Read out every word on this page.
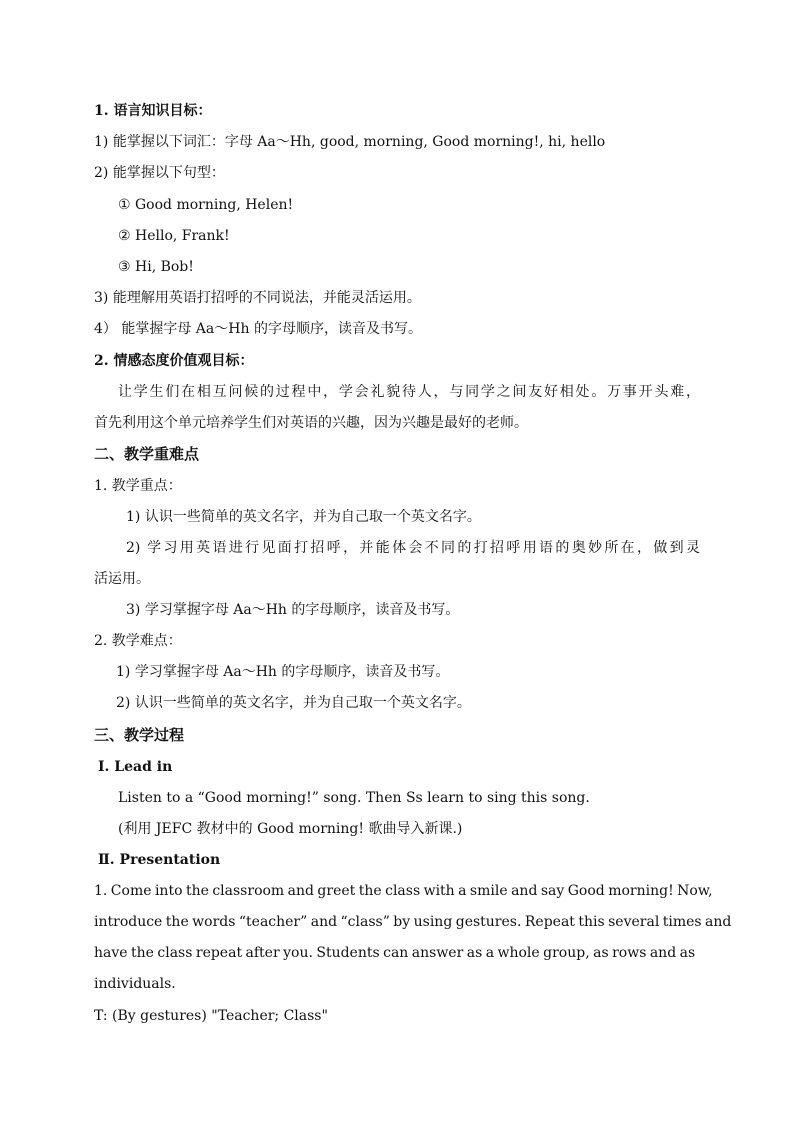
1. 语言知识目标：
1) 能掌握以下词汇：字母 Aa～Hh, good, morning, Good morning!, hi, hello
2) 能掌握以下句型：
① Good morning, Helen!
② Hello, Frank!
③ Hi, Bob!
3) 能理解用英语打招呼的不同说法，并能灵活运用。
4） 能掌握字母 Aa～Hh 的字母顺序，读音及书写。
2. 情感态度价值观目标：
让学生们在相互问候的过程中，学会礼貌待人，与同学之间友好相处。万事开头难，
首先利用这个单元培养学生们对英语的兴趣，因为兴趣是最好的老师。
二、教学重难点
1. 教学重点：
1) 认识一些简单的英文名字，并为自己取一个英文名字。
2) 学习用英语进行见面打招呼，并能体会不同的打招呼用语的奥妙所在，做到灵
活运用。
3) 学习掌握字母 Aa～Hh 的字母顺序，读音及书写。
2. 教学难点：
1) 学习掌握字母 Aa～Hh 的字母顺序，读音及书写。
2) 认识一些简单的英文名字，并为自己取一个英文名字。
三、教学过程
Ⅰ. Lead in
Listen to a “Good morning!” song. Then Ss learn to sing this song.
(利用 JEFC 教材中的 Good morning! 歌曲导入新课.)
Ⅱ. Presentation
1. Come into the classroom and greet the class with a smile and say Good morning! Now,
introduce the words “teacher” and “class” by using gestures. Repeat this several times and
have the class repeat after you. Students can answer as a whole group, as rows and as
individuals.
T: (By gestures) "Teacher; Class"
